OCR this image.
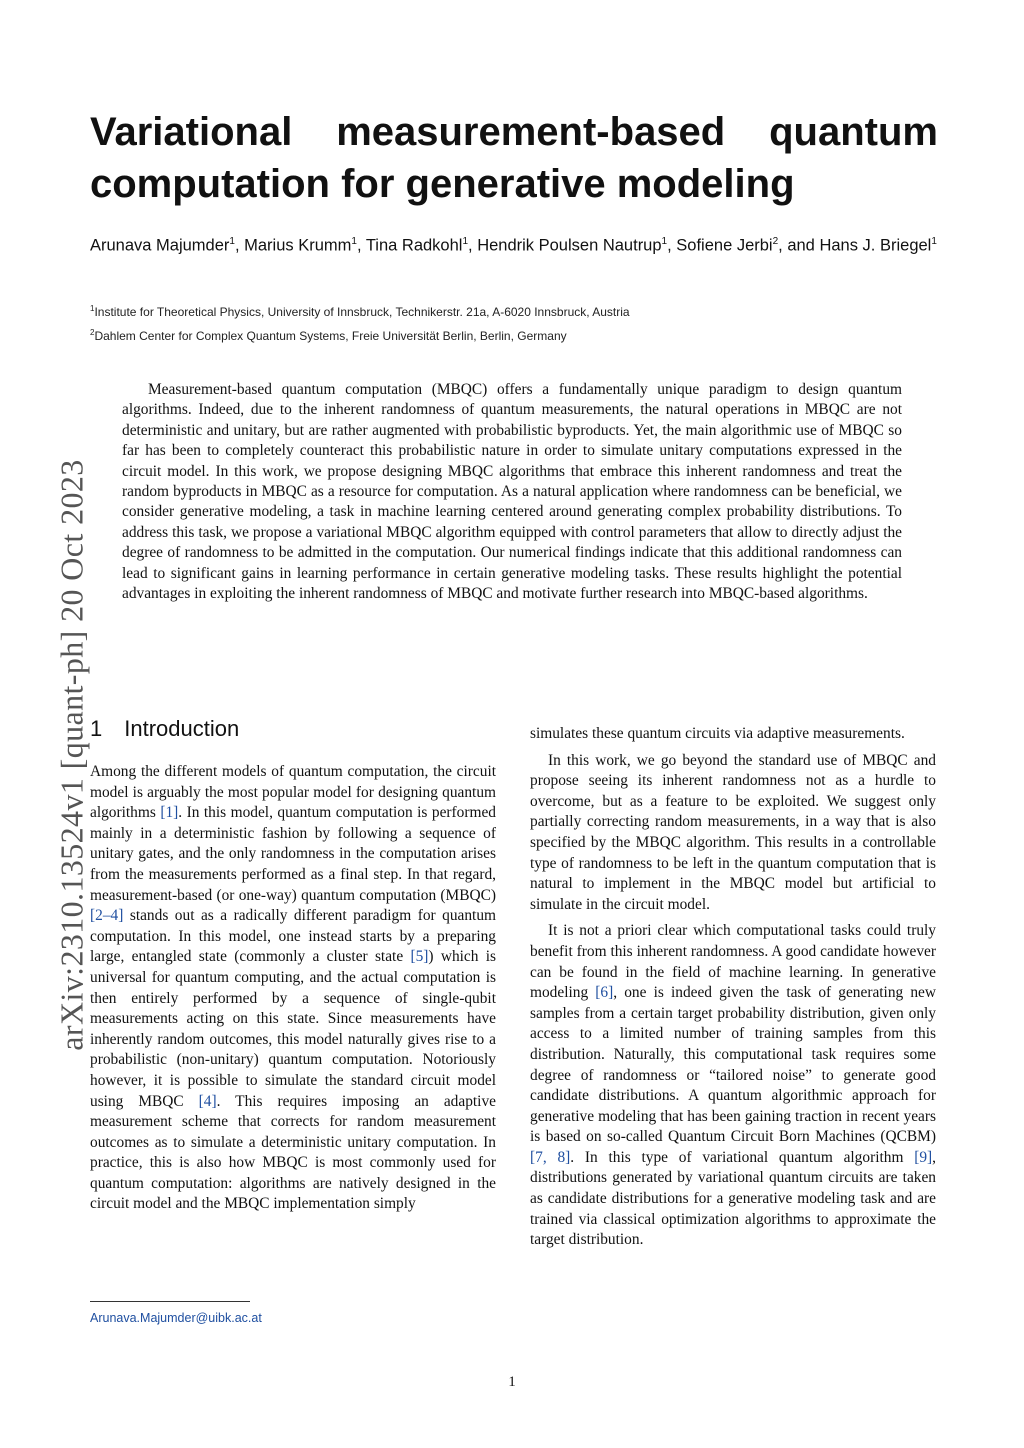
arXiv:2310.13524v1 [quant-ph] 20 Oct 2023
Variational measurement-based quantum computation for generative modeling
Arunava Majumder$^1$, Marius Krumm$^1$, Tina Radkohl$^1$, Hendrik Poulsen Nautrup$^1$, Sofiene Jerbi$^2$, and Hans J. Briegel$^1$
$^1$Institute for Theoretical Physics, University of Innsbruck, Technikerstr. 21a, A-6020 Innsbruck, Austria
$^2$Dahlem Center for Complex Quantum Systems, Freie Universität Berlin, Berlin, Germany

Measurement-based quantum computation (MBQC) offers a fundamentally unique paradigm to design quantum algorithms. Indeed, due to the inherent randomness of quantum measurements, the natural operations in MBQC are not deterministic and unitary, but are rather augmented with probabilistic byproducts. Yet, the main algorithmic use of MBQC so far has been to completely counteract this probabilistic nature in order to simulate unitary computations expressed in the circuit model. In this work, we propose designing MBQC algorithms that embrace this inherent randomness and treat the random byproducts in MBQC as a resource for computation. As a natural application where randomness can be beneficial, we consider generative modeling, a task in machine learning centered around generating complex probability distributions. To address this task, we propose a variational MBQC algorithm equipped with control parameters that allow to directly adjust the degree of randomness to be admitted in the computation. Our numerical findings indicate that this additional randomness can lead to significant gains in learning performance in certain generative modeling tasks. These results highlight the potential advantages in exploiting the inherent randomness of MBQC and motivate further research into MBQC-based algorithms.

1 Introduction

Among the different models of quantum computation, the circuit model is arguably the most popular model for designing quantum algorithms [1]. In this model, quantum computation is performed mainly in a deterministic fashion by following a sequence of unitary gates, and the only randomness in the computation arises from the measurements performed as a final step. In that regard, measurement-based (or one-way) quantum computation (MBQC) [2–4] stands out as a radically different paradigm for quantum computation. In this model, one instead starts by a preparing large, entangled state (commonly a cluster state [5]) which is universal for quantum computing, and the actual computation is then entirely performed by a sequence of single-qubit measurements acting on this state. Since measurements have inherently random outcomes, this model naturally gives rise to a probabilistic (non-unitary) quantum computation. Notoriously however, it is possible to simulate the standard circuit model using MBQC [4]. This requires imposing an adaptive measurement scheme that corrects for random measurement outcomes as to simulate a deterministic unitary computation. In practice, this is also how MBQC is most commonly used for quantum computation: algorithms are natively designed in the circuit model and the MBQC implementation simply

simulates these quantum circuits via adaptive measurements.

In this work, we go beyond the standard use of MBQC and propose seeing its inherent randomness not as a hurdle to overcome, but as a feature to be exploited. We suggest only partially correcting random measurements, in a way that is also specified by the MBQC algorithm. This results in a controllable type of randomness to be left in the quantum computation that is natural to implement in the MBQC model but artificial to simulate in the circuit model.

It is not a priori clear which computational tasks could truly benefit from this inherent randomness. A good candidate however can be found in the field of machine learning. In generative modeling [6], one is indeed given the task of generating new samples from a certain target probability distribution, given only access to a limited number of training samples from this distribution. Naturally, this computational task requires some degree of randomness or “tailored noise” to generate good candidate distributions. A quantum algorithmic approach for generative modeling that has been gaining traction in recent years is based on so-called Quantum Circuit Born Machines (QCBM) [7, 8]. In this type of variational quantum algorithm [9], distributions generated by variational quantum circuits are taken as candidate distributions for a generative modeling task and are trained via classical optimization algorithms to approximate the target distribution.

Arunava.Majumder@uibk.ac.at
1
